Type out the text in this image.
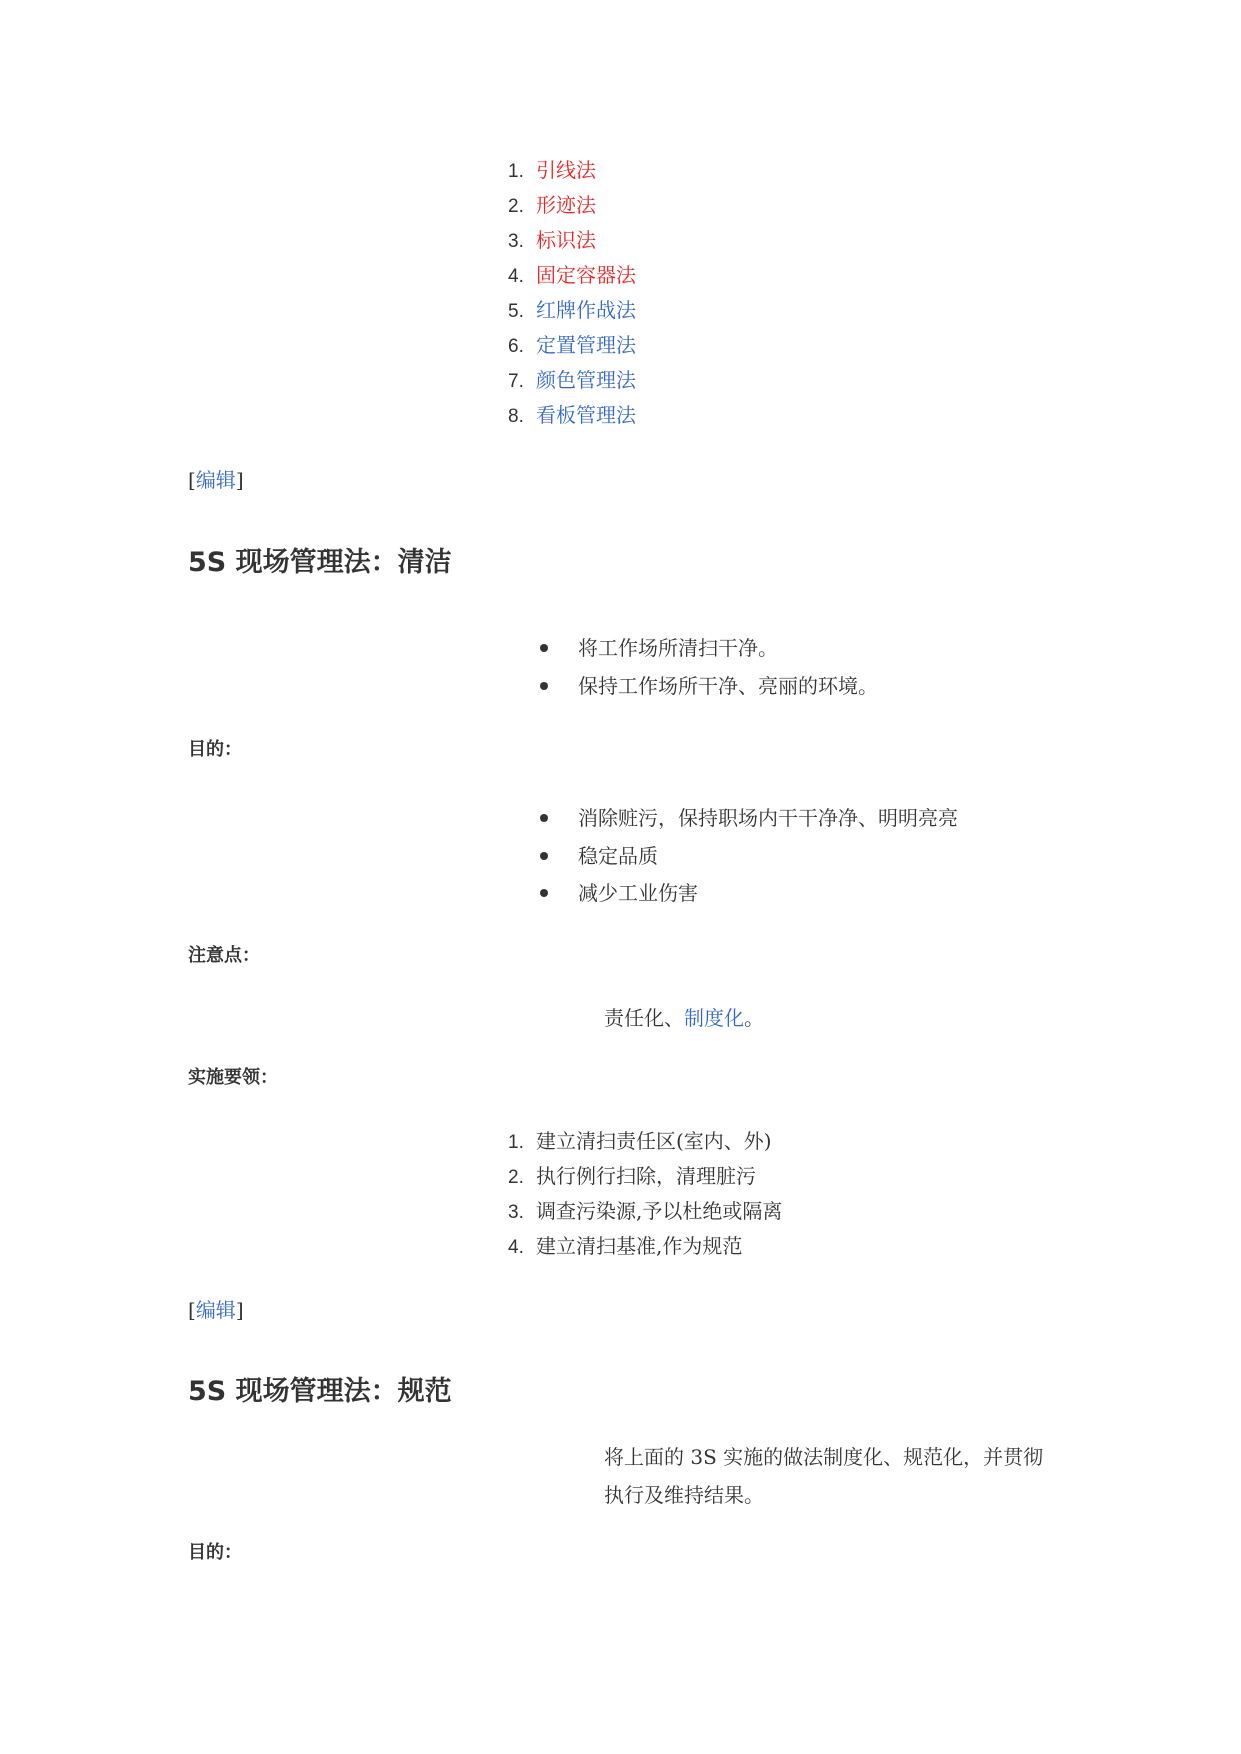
1. 引线法
2. 形迹法
3. 标识法
4. 固定容器法
5. 红牌作战法
6. 定置管理法
7. 颜色管理法
8. 看板管理法
[编辑]
5S 现场管理法：清洁
将工作场所清扫干净。
保持工作场所干净、亮丽的环境。
目的：
消除赃污，保持职场内干干净净、明明亮亮
稳定品质
减少工业伤害
注意点：
责任化、制度化。
实施要领：
1. 建立清扫责任区(室内、外)
2. 执行例行扫除，清理脏污
3. 调查污染源,予以杜绝或隔离
4. 建立清扫基准,作为规范
[编辑]
5S 现场管理法：规范
将上面的 3S 实施的做法制度化、规范化，并贯彻
执行及维持结果。
目的：
